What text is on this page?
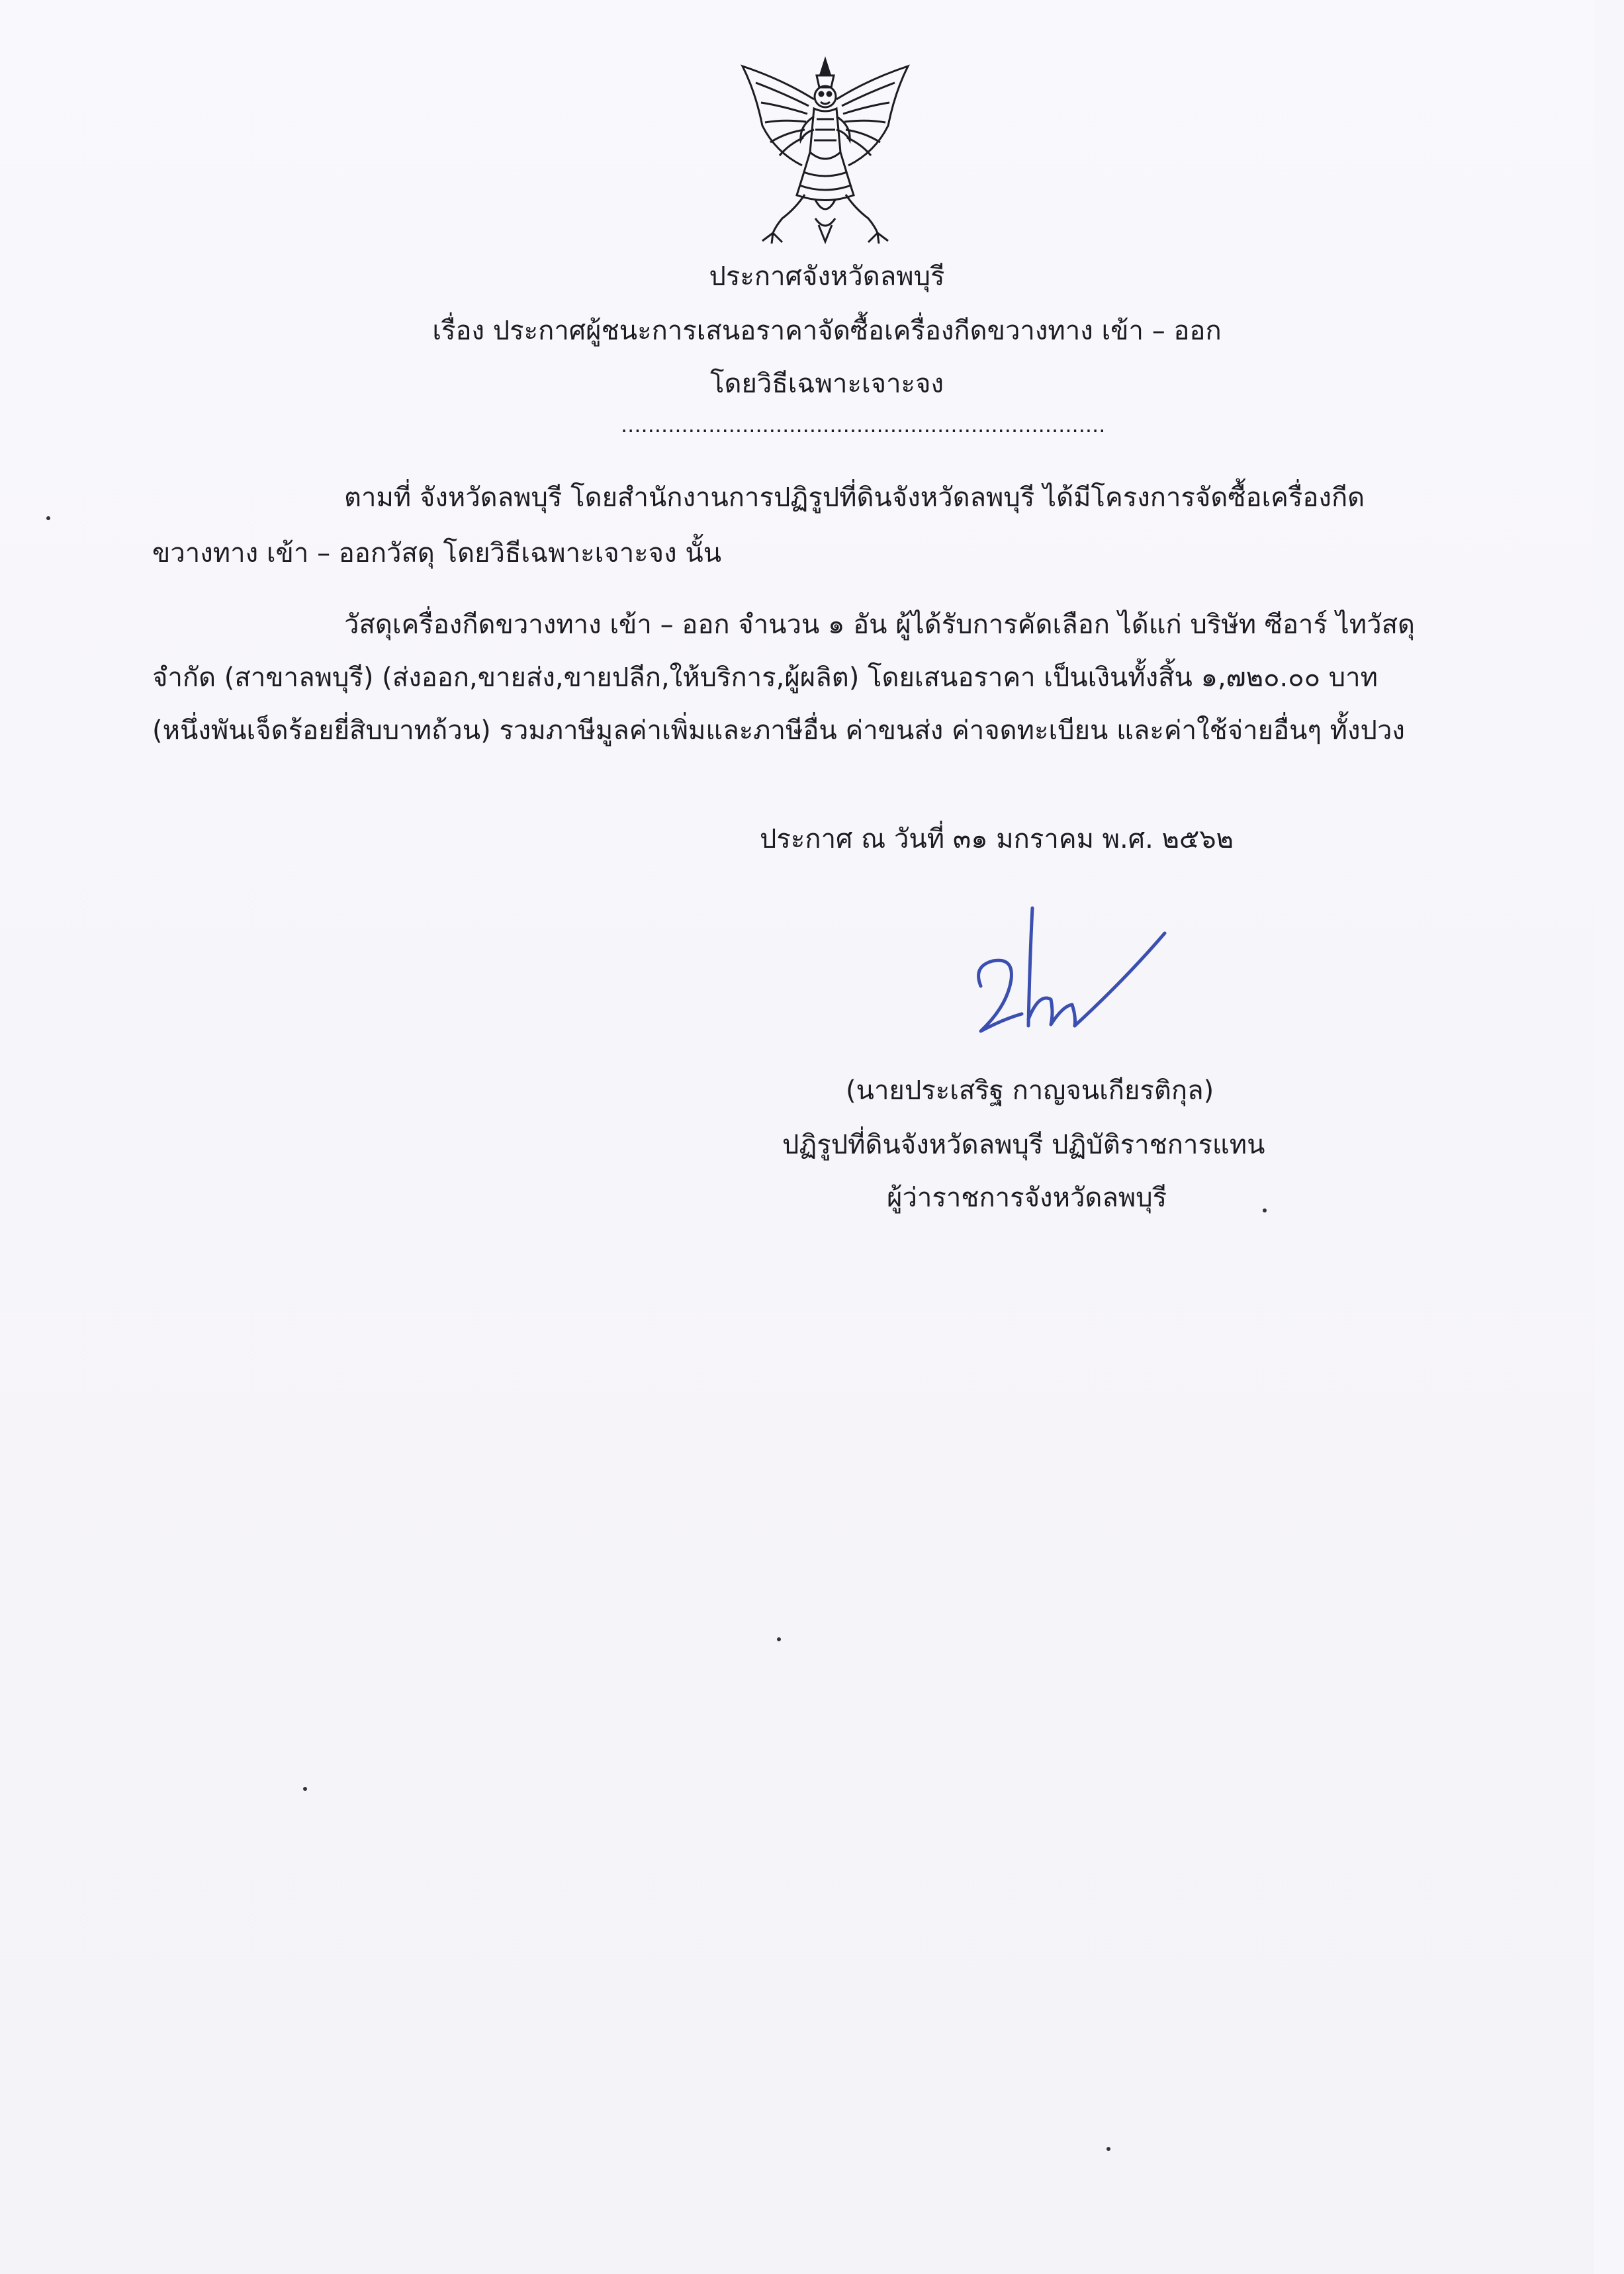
ประกาศจังหวัดลพบุรี
เรื่อง ประกาศผู้ชนะการเสนอราคาจัดซื้อเครื่องกีดขวางทาง เข้า – ออก
โดยวิธีเฉพาะเจาะจง
........................................................................
ตามที่ จังหวัดลพบุรี โดยสำนักงานการปฏิรูปที่ดินจังหวัดลพบุรี ได้มีโครงการจัดซื้อเครื่องกีด
ขวางทาง เข้า – ออกวัสดุ โดยวิธีเฉพาะเจาะจง นั้น
วัสดุเครื่องกีดขวางทาง เข้า – ออก จำนวน ๑ อัน ผู้ได้รับการคัดเลือก ได้แก่ บริษัท ซีอาร์ ไทวัสดุ
จำกัด (สาขาลพบุรี) (ส่งออก,ขายส่ง,ขายปลีก,ให้บริการ,ผู้ผลิต) โดยเสนอราคา เป็นเงินทั้งสิ้น ๑,๗๒๐.๐๐ บาท
(หนึ่งพันเจ็ดร้อยยี่สิบบาทถ้วน) รวมภาษีมูลค่าเพิ่มและภาษีอื่น ค่าขนส่ง ค่าจดทะเบียน และค่าใช้จ่ายอื่นๆ ทั้งปวง
ประกาศ ณ วันที่ ๓๑ มกราคม พ.ศ. ๒๕๖๒
(นายประเสริฐ กาญจนเกียรติกุล)
ปฏิรูปที่ดินจังหวัดลพบุรี ปฏิบัติราชการแทน
ผู้ว่าราชการจังหวัดลพบุรี
